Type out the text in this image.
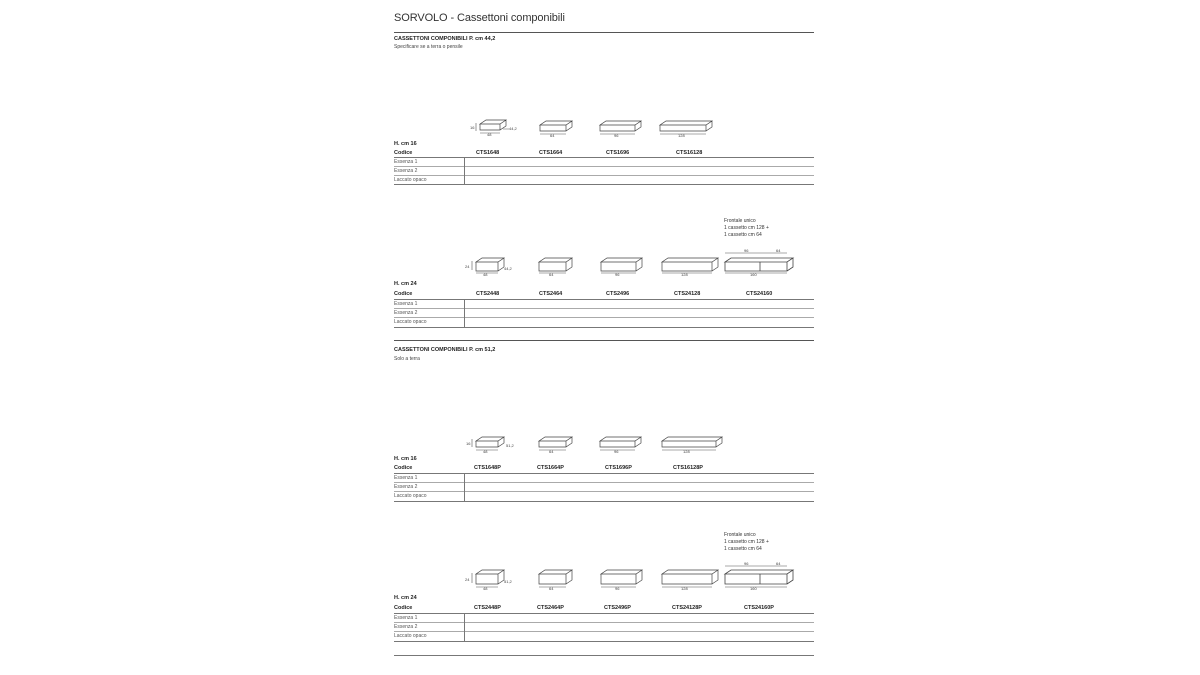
SORVOLO - Cassettoni componibili
CASSETTONI COMPONIBILI P. cm 44,2
Specificare se a terra o pensile
16
48
44,2
64	96	128
H. cm 16
Codice	CTS1648	CTS1664	CTS1696	CTS16128
Essenza 1
Essenza 2
Laccato opaco
Frontale unico
1 cassetto cm 128 +
1 cassetto cm 64
24
48
44,2
64	96	128
96	64
160
H. cm 24
Codice	CTS2448	CTS2464	CTS2496	CTS24128	CTS24160
Essenza 1
Essenza 2
Laccato opaco
CASSETTONI COMPONIBILI P. cm 51,2
Solo a terra
16
48
51,2
64	96	128
H. cm 16
Codice	CTS1648P	CTS1664P	CTS1696P	CTS16128P
Essenza 1
Essenza 2
Laccato opaco
Frontale unico
1 cassetto cm 128 +
1 cassetto cm 64
24
48
51,2
64	96	128
96	64
160
H. cm 24
Codice	CTS2448P	CTS2464P	CTS2496P	CTS24128P	CTS24160P
Essenza 1
Essenza 2
Laccato opaco
